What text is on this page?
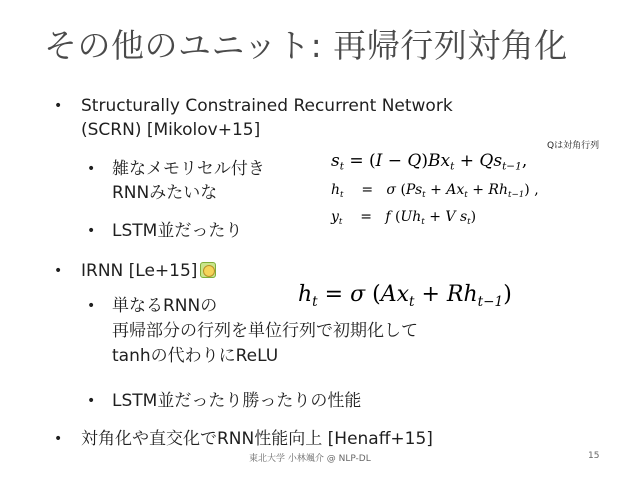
その他のユニット: 再帰行列対角化
• Structurally Constrained Recurrent Network
(SCRN) [Mikolov+15]
Qは対角行列
• 雑なメモリセル付き
RNNみたいな
• LSTM並だったり
$s_t = (I - Q)Bx_t + Qs_{t-1}$,
$h_t$    =   σ $(Ps_t + Ax_t + Rh_{t-1})$ ,
$y_t$    =   f ($Uh_t + V$ $s_t$)
• IRNN [Le+15]
$h_t = \sigma$ $(Ax_t + Rh_{t-1})$
• 単なるRNNの
再帰部分の行列を単位行列で初期化して
tanhの代わりにReLU
• LSTM並だったり勝ったりの性能
• 対角化や直交化でRNN性能向上 [Henaff+15]
東北大学 小林颯介 @ NLP-DL	15
